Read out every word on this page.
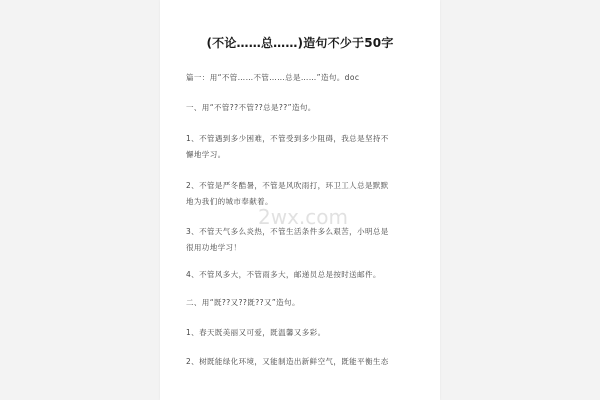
(不论……总……)造句不少于50字
篇一：用“不管……不管……总是……”造句。doc
一、用“不管??不管??总是??”造句。
1、不管遇到多少困难，不管受到多少阻碍，我总是坚持不
懈地学习。
2、不管是严冬酷暑，不管是风吹雨打，环卫工人总是默默
地为我们的城市奉献着。
3、不管天气多么炎热，不管生活条件多么艰苦，小明总是
很用功地学习！
4、不管风多大，不管雨多大，邮递员总是按时送邮件。
二、用“既??又??既??又”造句。
1、春天既美丽又可爱，既温馨又多彩。
2、树既能绿化环境，又能制造出新鲜空气，既能平衡生态
2wx.com
